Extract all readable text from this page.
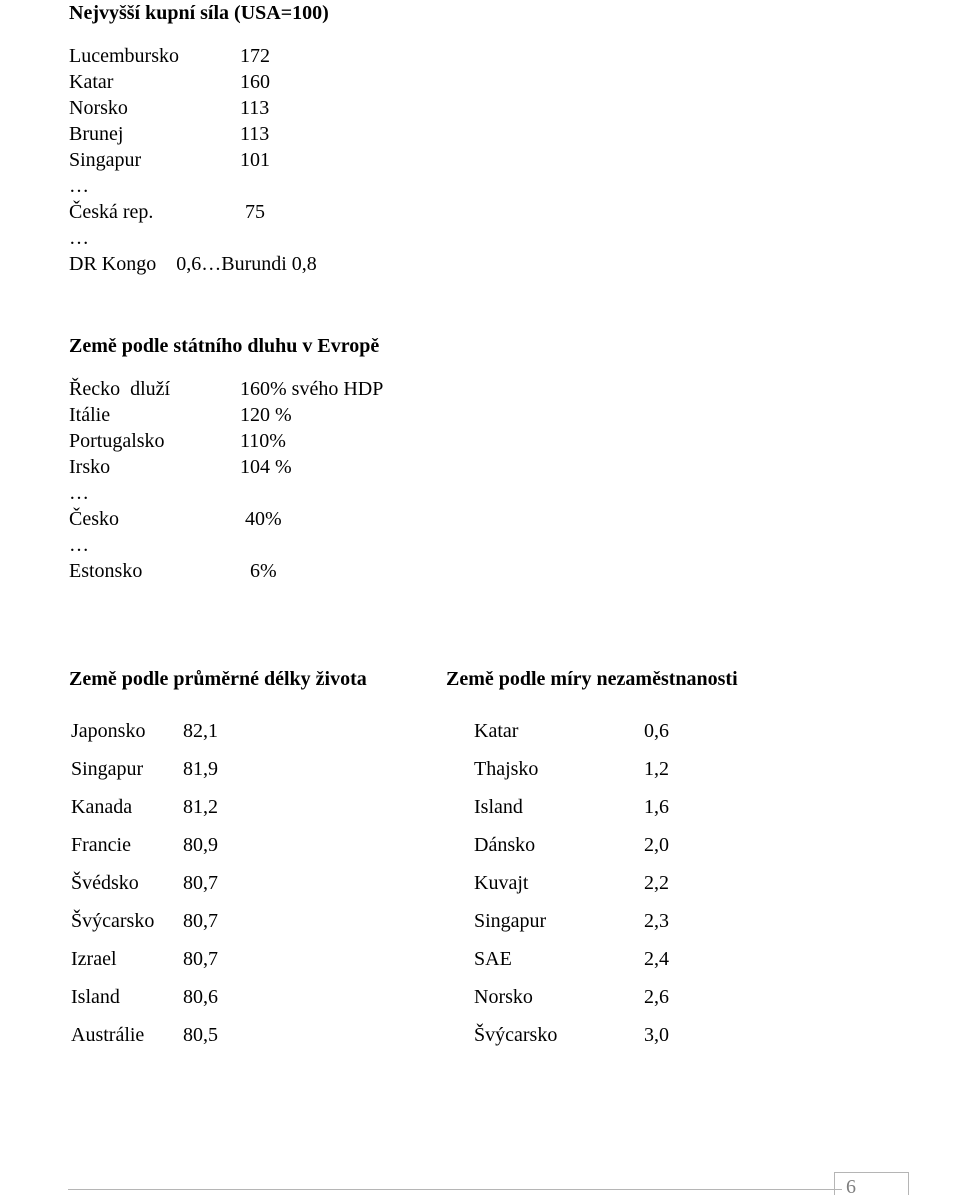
Nejvyšší kupní síla (USA=100)
Lucembursko	172
Katar	160
Norsko	113
Brunej	113
Singapur	101
…
Česká rep.	75
…
DR Kongo    0,6…Burundi 0,8
Země podle státního dluhu v Evropě
Řecko  dluží	160% svého HDP
Itálie	120 %
Portugalsko	110%
Irsko	104 %
…
Česko	40%
…
Estonsko	6%
Země podle průměrné délky života
Japonsko 82,1
Singapur 81,9
Kanada	81,2
Francie	80,9
Švédsko 80,7
Švýcarsko 80,7
Izrael	80,7
Island	80,6
Austrálie 80,5
Země podle míry nezaměstnanosti
Katar	0,6
Thajsko	1,2
Island	1,6
Dánsko	2,0
Kuvajt	2,2
Singapur	2,3
SAE	2,4
Norsko	2,6
Švýcarsko	3,0
6
